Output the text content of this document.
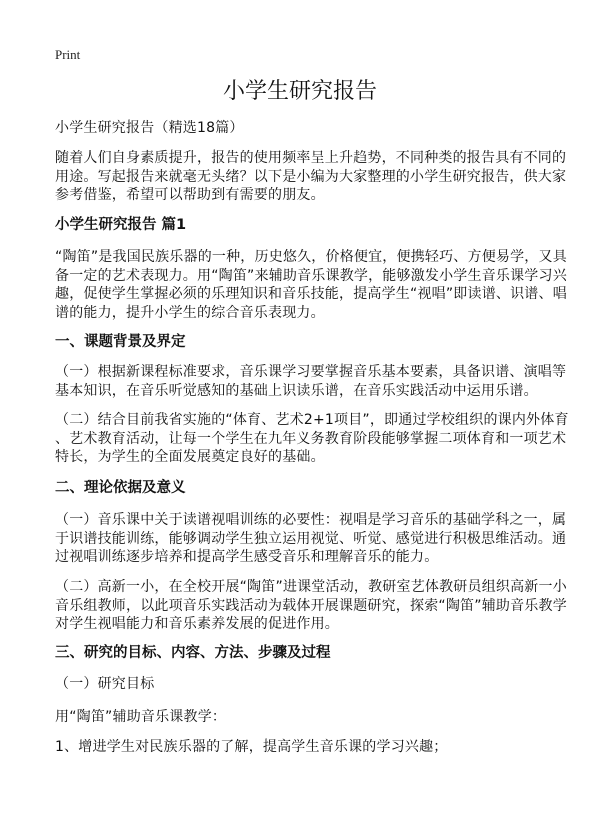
Print
小学生研究报告
小学生研究报告（精选18篇）
随着人们自身素质提升，报告的使用频率呈上升趋势，不同种类的报告具有不同的
用途。写起报告来就毫无头绪？以下是小编为大家整理的小学生研究报告，供大家
参考借鉴，希望可以帮助到有需要的朋友。
小学生研究报告 篇1
“陶笛”是我国民族乐器的一种，历史悠久，价格便宜，便携轻巧、方便易学，又具
备一定的艺术表现力。用“陶笛”来辅助音乐课教学，能够激发小学生音乐课学习兴
趣，促使学生掌握必须的乐理知识和音乐技能，提高学生“视唱”即读谱、识谱、唱
谱的能力，提升小学生的综合音乐表现力。
一、课题背景及界定
（一）根据新课程标准要求，音乐课学习要掌握音乐基本要素，具备识谱、演唱等
基本知识，在音乐听觉感知的基础上识读乐谱，在音乐实践活动中运用乐谱。
（二）结合目前我省实施的“体育、艺术2+1项目”，即通过学校组织的课内外体育
、艺术教育活动，让每一个学生在九年义务教育阶段能够掌握二项体育和一项艺术
特长，为学生的全面发展奠定良好的基础。
二、理论依据及意义
（一）音乐课中关于读谱视唱训练的必要性：视唱是学习音乐的基础学科之一，属
于识谱技能训练，能够调动学生独立运用视觉、听觉、感觉进行积极思维活动。通
过视唱训练逐步培养和提高学生感受音乐和理解音乐的能力。
（二）高新一小，在全校开展“陶笛”进课堂活动，教研室艺体教研员组织高新一小
音乐组教师，以此项音乐实践活动为载体开展课题研究，探索“陶笛”辅助音乐教学
对学生视唱能力和音乐素养发展的促进作用。
三、研究的目标、内容、方法、步骤及过程
（一）研究目标
用“陶笛”辅助音乐课教学：
1、增进学生对民族乐器的了解，提高学生音乐课的学习兴趣；
